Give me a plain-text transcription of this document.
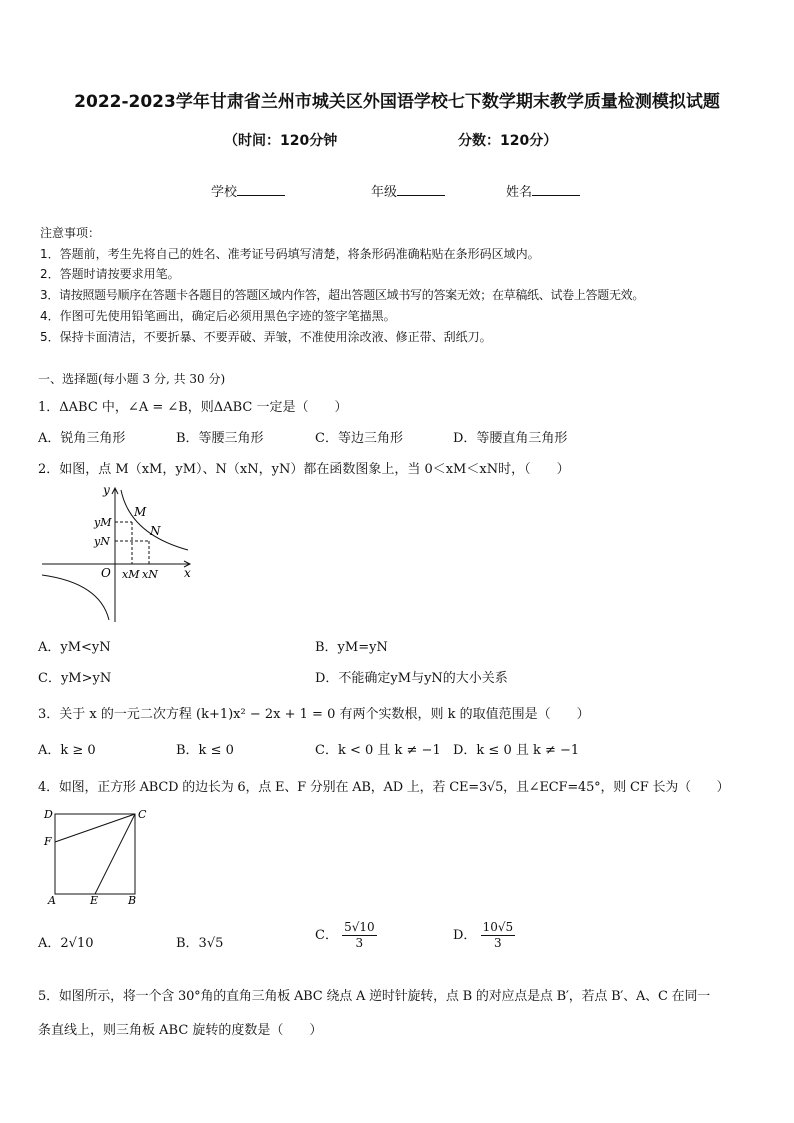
2022-2023学年甘肃省兰州市城关区外国语学校七下数学期末教学质量检测模拟试题
（时间：120分钟	分数：120分）
学校	年级	姓名
注意事项：
1．答题前，考生先将自己的姓名、准考证号码填写清楚，将条形码准确粘贴在条形码区域内。
2．答题时请按要求用笔。
3．请按照题号顺序在答题卡各题目的答题区域内作答，超出答题区域书写的答案无效；在草稿纸、试卷上答题无效。
4．作图可先使用铅笔画出，确定后必须用黑色字迹的签字笔描黑。
5．保持卡面清洁，不要折暴、不要弄破、弄皱，不准使用涂改液、修正带、刮纸刀。
一、选择题(每小题 3 分, 共 30 分)
1．ΔABC 中，∠A = ∠B，则ΔABC 一定是（　　）
A．锐角三角形	B．等腰三角形	C．等边三角形	D．等腰直角三角形
2．如图，点 M（xM，yM）、N（xN，yN）都在函数图象上，当 0＜xM＜xN时，（　　）
y
x
O
M
N
yM
yN
xM xN
A．yM<yN	B．yM=yN
C．yM>yN	D．不能确定yM与yN的大小关系
3．关于 x 的一元二次方程 (k+1)x² − 2x + 1 = 0 有两个实数根，则 k 的取值范围是（　　）
A．k ≥ 0	B．k ≤ 0	C．k < 0 且 k ≠ −1 D．k ≤ 0 且 k ≠ −1
4．如图，正方形 ABCD 的边长为 6，点 E、F 分别在 AB，AD 上，若 CE=3√5，且∠ECF=45°，则 CF 长为（　　）
D	C
F
A	E	B
A．2√10	B．3√5
C． $\frac{5√10}{3}$	D． $\frac{10√5}{3}$
5．如图所示，将一个含 30°角的直角三角板 ABC 绕点 A 逆时针旋转，点 B 的对应点是点 B′，若点 B′、A、C 在同一
条直线上，则三角板 ABC 旋转的度数是（　　）
